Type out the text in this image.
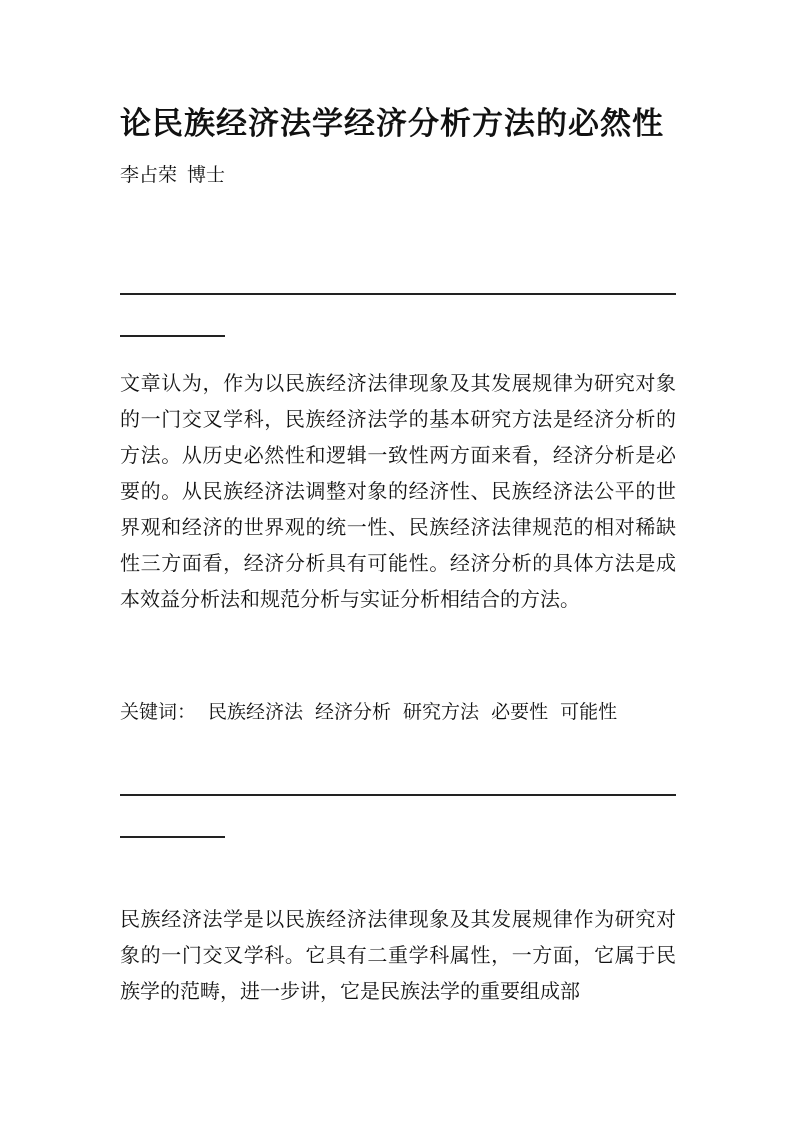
论民族经济法学经济分析方法的必然性
李占荣 博士

文章认为，作为以民族经济法律现象及其发展规律为研究对象的一门交叉学科，民族经济法学的基本研究方法是经济分析的方法。从历史必然性和逻辑一致性两方面来看，经济分析是必要的。从民族经济法调整对象的经济性、民族经济法公平的世界观和经济的世界观的统一性、民族经济法律规范的相对稀缺性三方面看，经济分析具有可能性。经济分析的具体方法是成本效益分析法和规范分析与实证分析相结合的方法。

关键词： 民族经济法 经济分析 研究方法 必要性 可能性

民族经济法学是以民族经济法律现象及其发展规律作为研究对象的一门交叉学科。它具有二重学科属性，一方面，它属于民族学的范畴，进一步讲，它是民族法学的重要组成部
